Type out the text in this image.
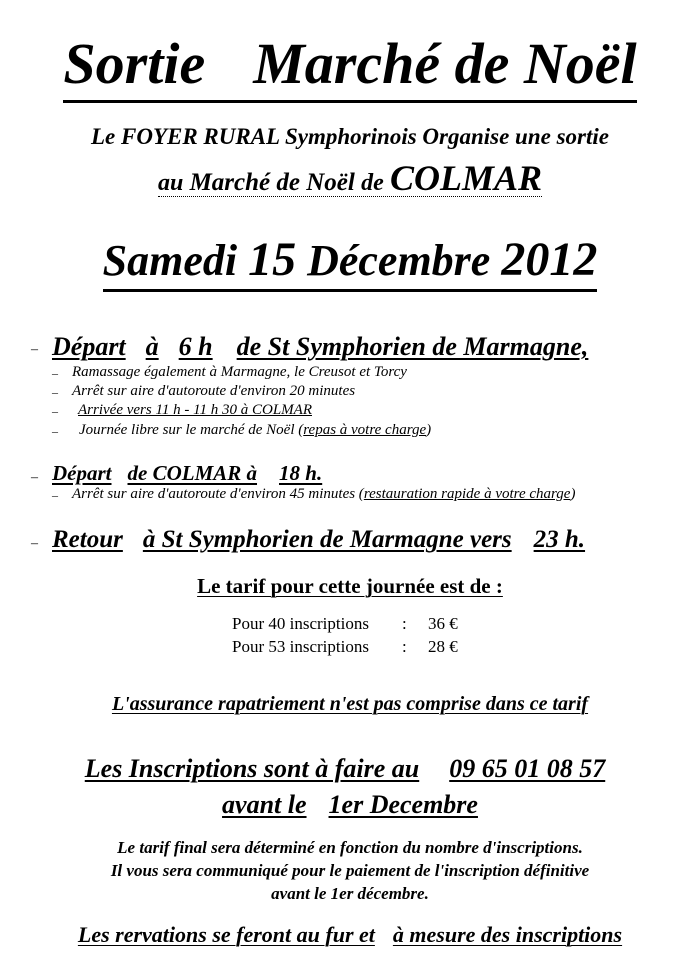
Sortie Marché de Noël
Le FOYER RURAL Symphorinois Organise une sortie
au Marché de Noël de COLMAR
Samedi 15 Décembre 2012
– Départ à 6 h de St Symphorien de Marmagne,
– Ramassage également à Marmagne, le Creusot et Torcy
– Arrêt sur aire d'autoroute d'environ 20 minutes
– Arrivée vers 11 h - 11 h 30 à COLMAR
– Journée libre sur le marché de Noël (repas à votre charge)
– Départ de COLMAR à 18 h.
– Arrêt sur aire d'autoroute d'environ 45 minutes (restauration rapide à votre charge)
– Retour à St Symphorien de Marmagne vers 23 h.
Le tarif pour cette journée est de :
Pour 40 inscriptions : 36 €
Pour 53 inscriptions : 28 €
L'assurance rapatriement n'est pas comprise dans ce tarif
Les Inscriptions sont à faire au 09 65 01 08 57
avant le 1er Decembre
Le tarif final sera déterminé en fonction du nombre d'inscriptions.
Il vous sera communiqué pour le paiement de l'inscription définitive
avant le 1er décembre.
Les rervations se feront au fur et à mesure des inscriptions
